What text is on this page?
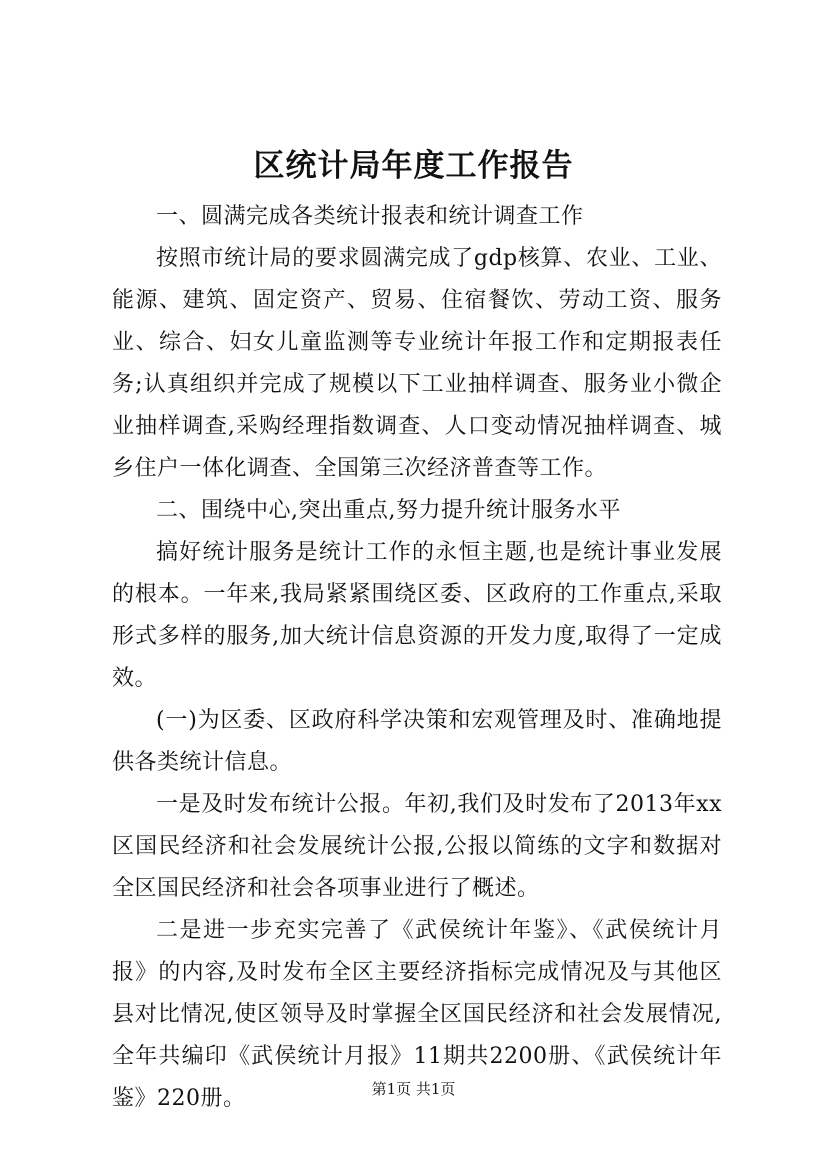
区统计局年度工作报告

一、圆满完成各类统计报表和统计调查工作

按照市统计局的要求圆满完成了gdp核算、农业、工业、能源、建筑、固定资产、贸易、住宿餐饮、劳动工资、服务业、综合、妇女儿童监测等专业统计年报工作和定期报表任务;认真组织并完成了规模以下工业抽样调查、服务业小微企业抽样调查,采购经理指数调查、人口变动情况抽样调查、城乡住户一体化调查、全国第三次经济普查等工作。

二、围绕中心,突出重点,努力提升统计服务水平

搞好统计服务是统计工作的永恒主题,也是统计事业发展的根本。一年来,我局紧紧围绕区委、区政府的工作重点,采取形式多样的服务,加大统计信息资源的开发力度,取得了一定成效。

(一)为区委、区政府科学决策和宏观管理及时、准确地提供各类统计信息。

一是及时发布统计公报。年初,我们及时发布了2013年xx区国民经济和社会发展统计公报,公报以简练的文字和数据对全区国民经济和社会各项事业进行了概述。

二是进一步充实完善了《武侯统计年鉴》、《武侯统计月报》的内容,及时发布全区主要经济指标完成情况及与其他区县对比情况,使区领导及时掌握全区国民经济和社会发展情况,全年共编印《武侯统计月报》11期共2200册、《武侯统计年鉴》220册。	第1页 共1页
